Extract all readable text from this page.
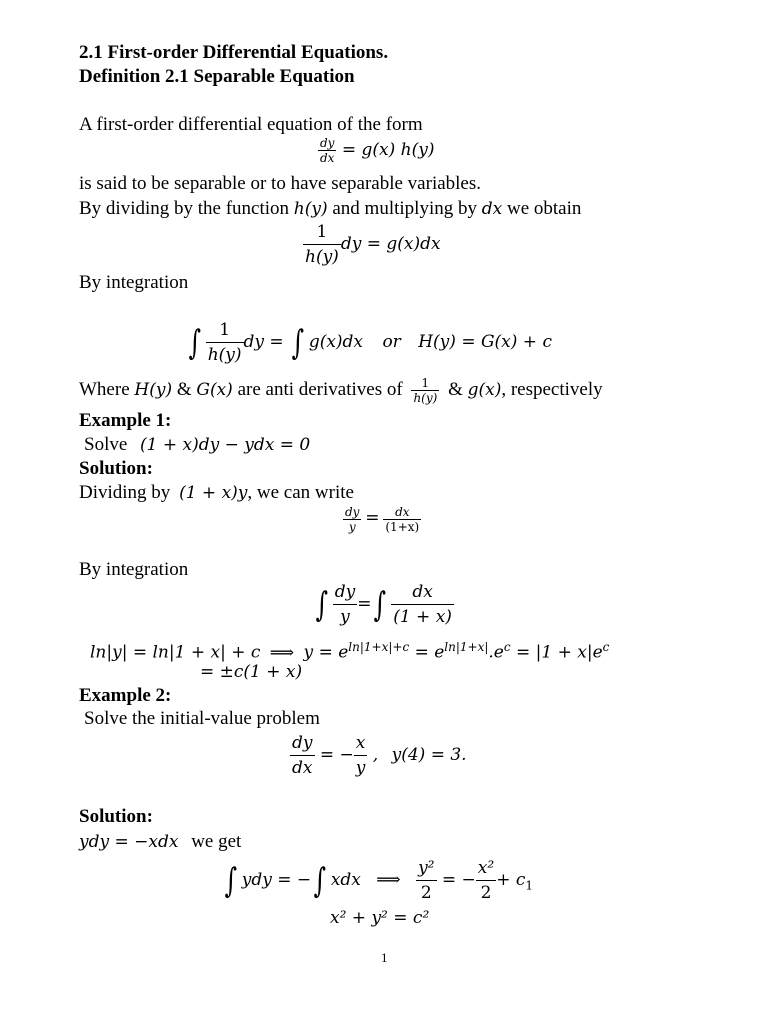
2.1 First-order Differential Equations.
Definition 2.1 Separable Equation
A first-order differential equation of the form
$\frac{dy}{dx} = g(x)$ h(y)
is said to be separable or to have separable variables.
By dividing by the function h(y) and multiplying by dx we obtain
$\frac{1}{h(y)}$ dy = g(x)dx
By integration
∫ $\frac{1}{h(y)}$ dy = ∫ g(x)dx or H(y) = G(x) + c
Where H(y) & G(x) are anti derivatives of $\frac{1}{h(y)}$ & g(x), respectively
Example 1:
Solve (1 + x)dy − ydx = 0
Solution:
Dividing by (1 + x)y, we can write
$\frac{dy}{y} = \frac{dx}{(1+x)}$
By integration
∫ $\frac{dy}{y}$ =∫ $\frac{dx}{(1 + x)}$
ln|y| = ln|1 + x| + c ⟹ $y = e^{ln|1+x|+c} = e^{ln|1+x|}.e^c = |1 + x|e^c$
= ±c(1 + x)
Example 2:
Solve the initial-value problem
$\frac{dy}{dx}$ = − $\frac{x}{y}$ , y(4) = 3.
Solution:
ydy = −xdx we get
∫ ydy = −∫ xdx ⟹ $\frac{\text{y²}}{2}$ = − $\frac{\text{x²}}{2} + c_1$
x² + y² = c²
1
